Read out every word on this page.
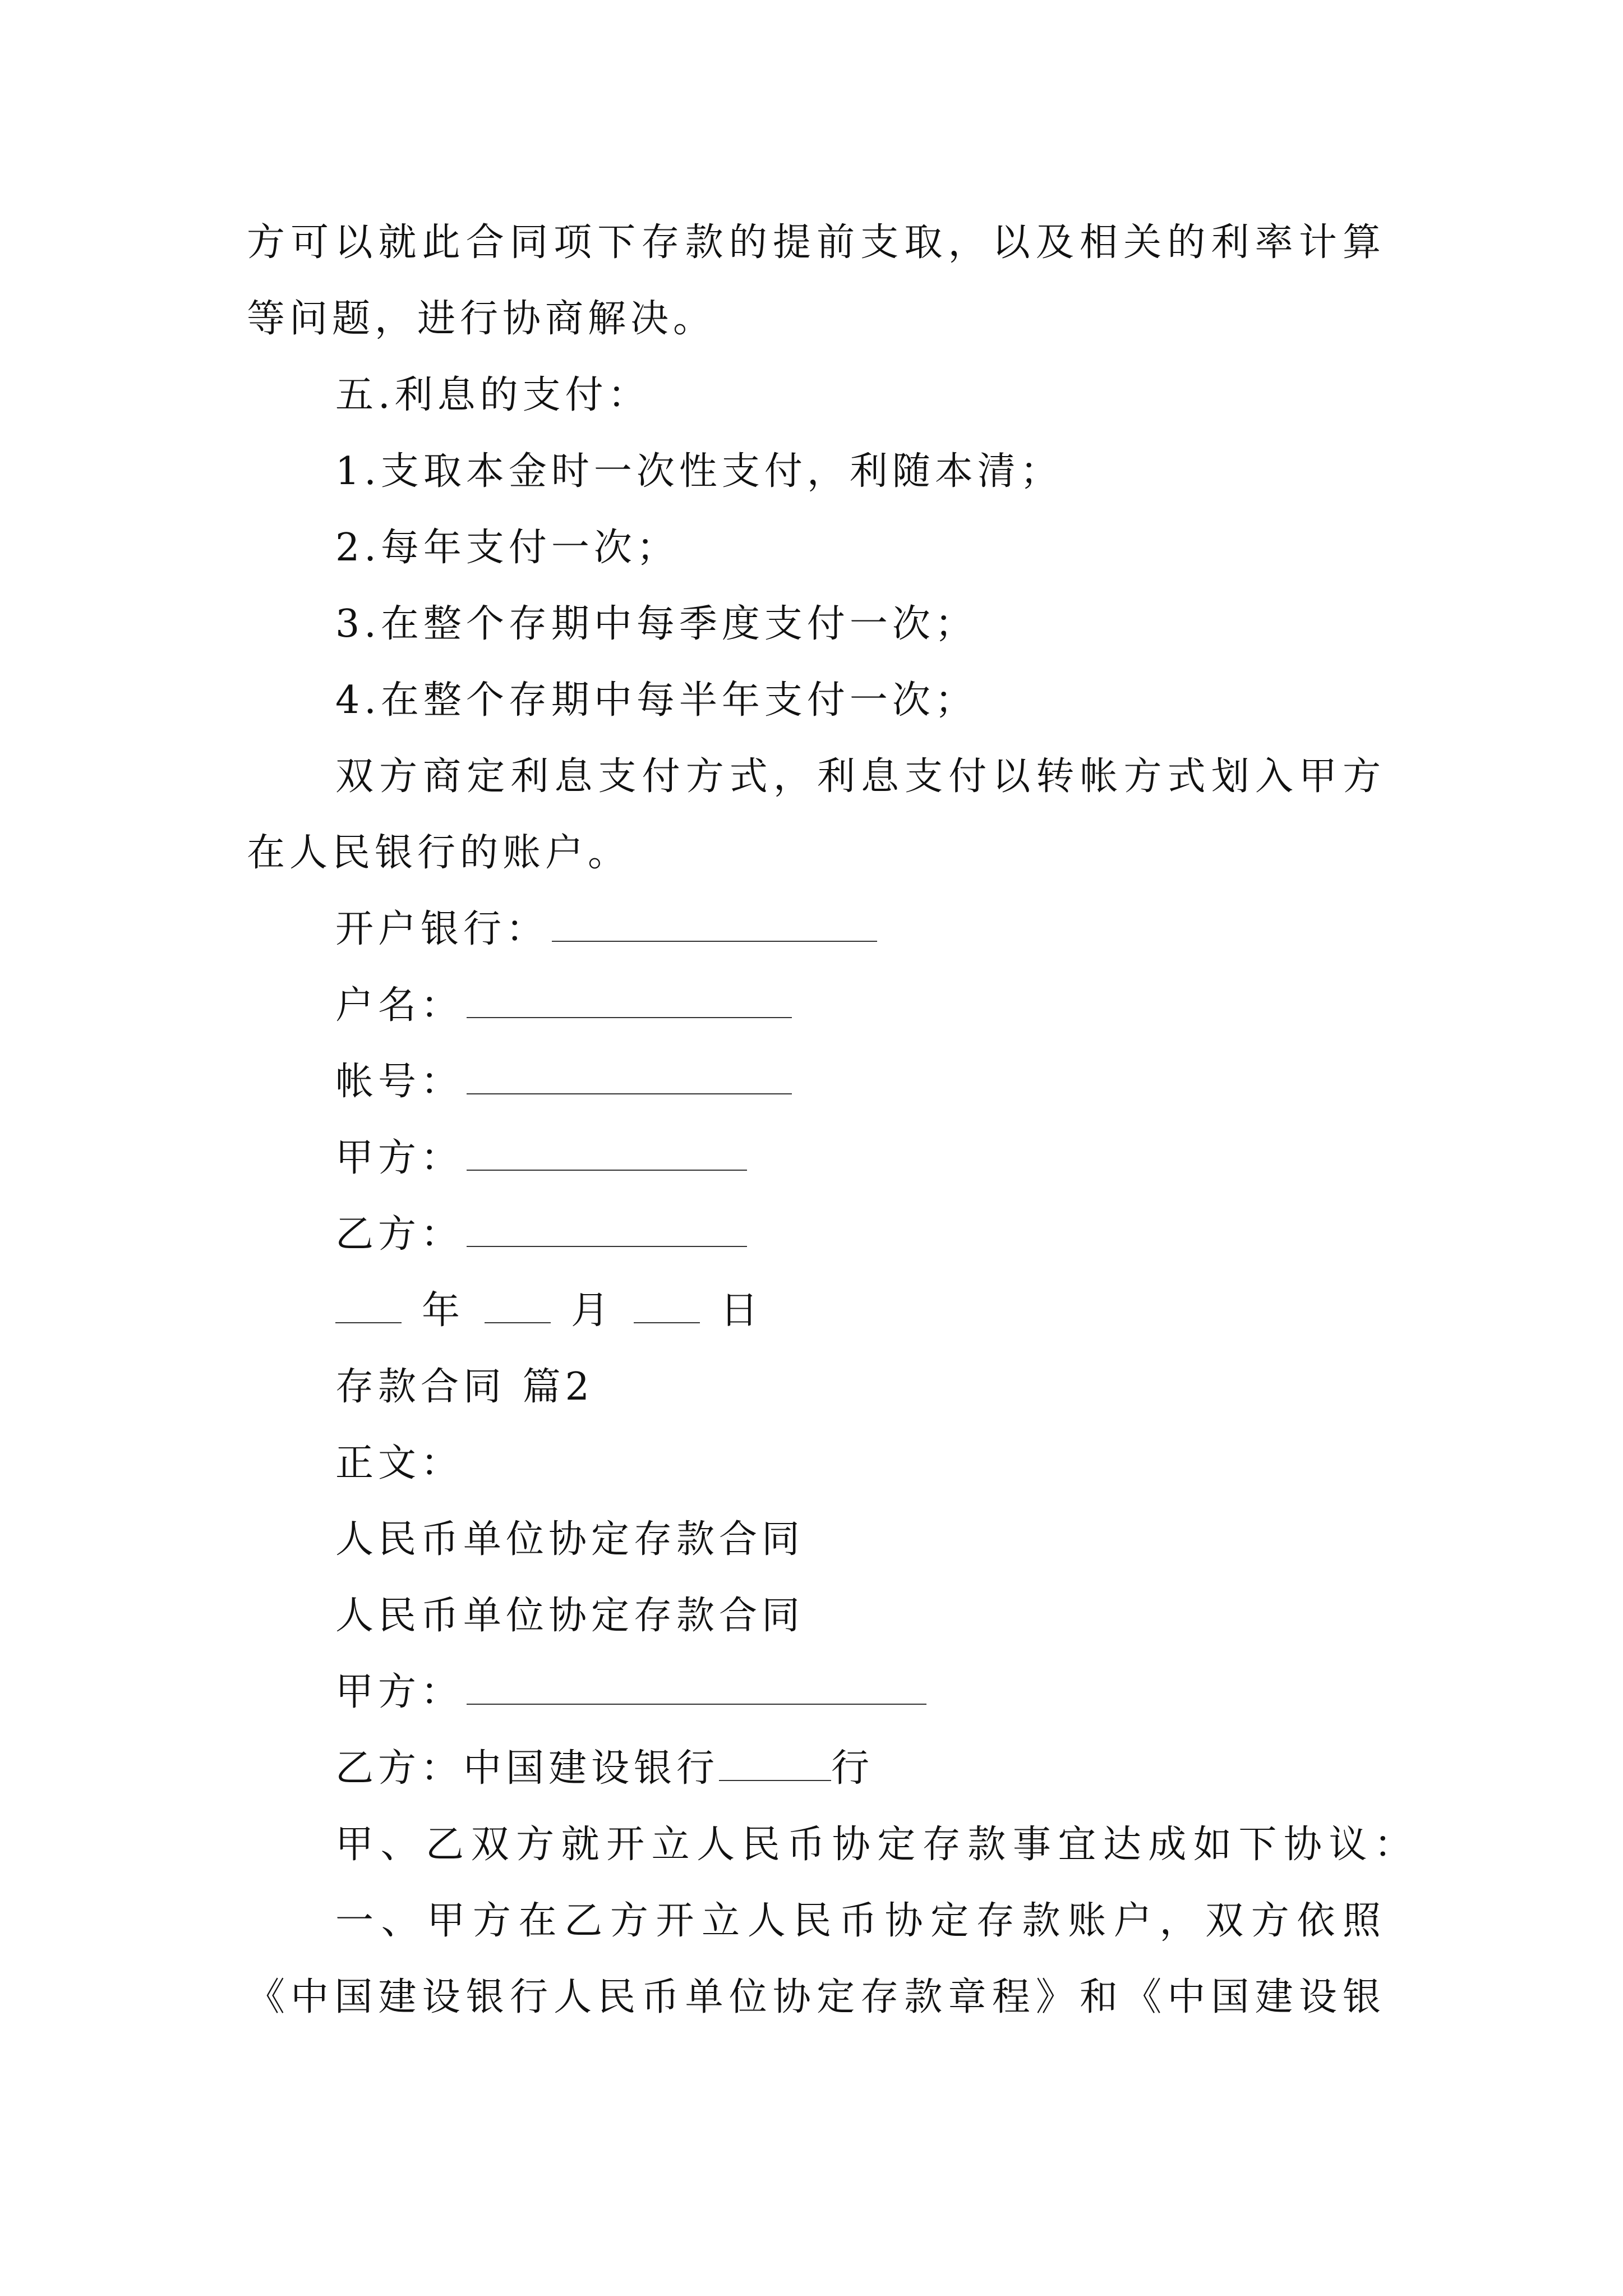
方可以就此合同项下存款的提前支取，以及相关的利率计算
等问题，进行协商解决。
五.利息的支付：
1.支取本金时一次性支付，利随本清；
2.每年支付一次；
3.在整个存期中每季度支付一次；
4.在整个存期中每半年支付一次；
双方商定利息支付方式，利息支付以转帐方式划入甲方
在人民银行的账户。
开户银行：
户名：
帐号：
甲方：
乙方：
年	月	日
存款合同 篇2
正文：
人民币单位协定存款合同
人民币单位协定存款合同
甲方：
乙方：中国建设银行	行
甲、乙双方就开立人民币协定存款事宜达成如下协议：
一、甲方在乙方开立人民币协定存款账户，双方依照
《中国建设银行人民币单位协定存款章程》和《中国建设银
